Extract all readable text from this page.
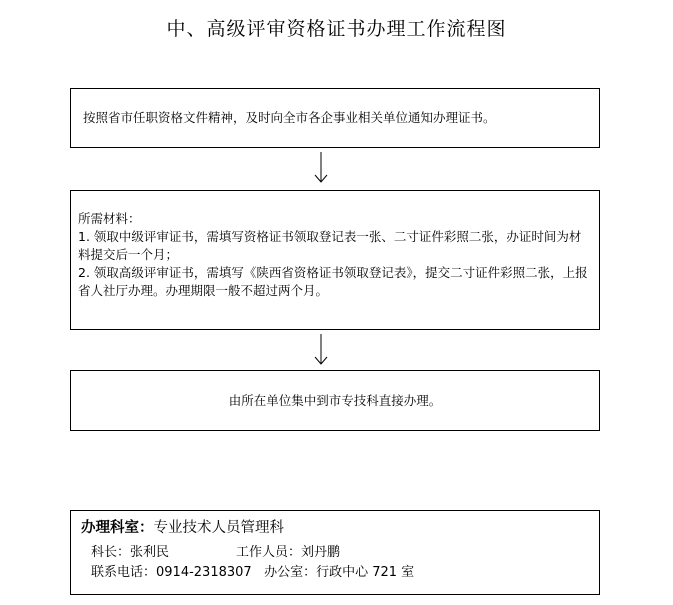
中、高级评审资格证书办理工作流程图
按照省市任职资格文件精神，及时向全市各企事业相关单位通知办理证书。

所需材料：

1. 领取中级评审证书，需填写资格证书领取登记表一张、二寸证件彩照二张，办证时间为材料提交后一个月；

2. 领取高级评审证书，需填写《陕西省资格证书领取登记表》，提交二寸证件彩照二张，上报省人社厅办理。办理期限一般不超过两个月。

由所在单位集中到市专技科直接办理。
办理科室：专业技术人员管理科
科长：张利民	工作人员：刘丹鹏
联系电话：0914-2318307 办公室：行政中心 721 室
